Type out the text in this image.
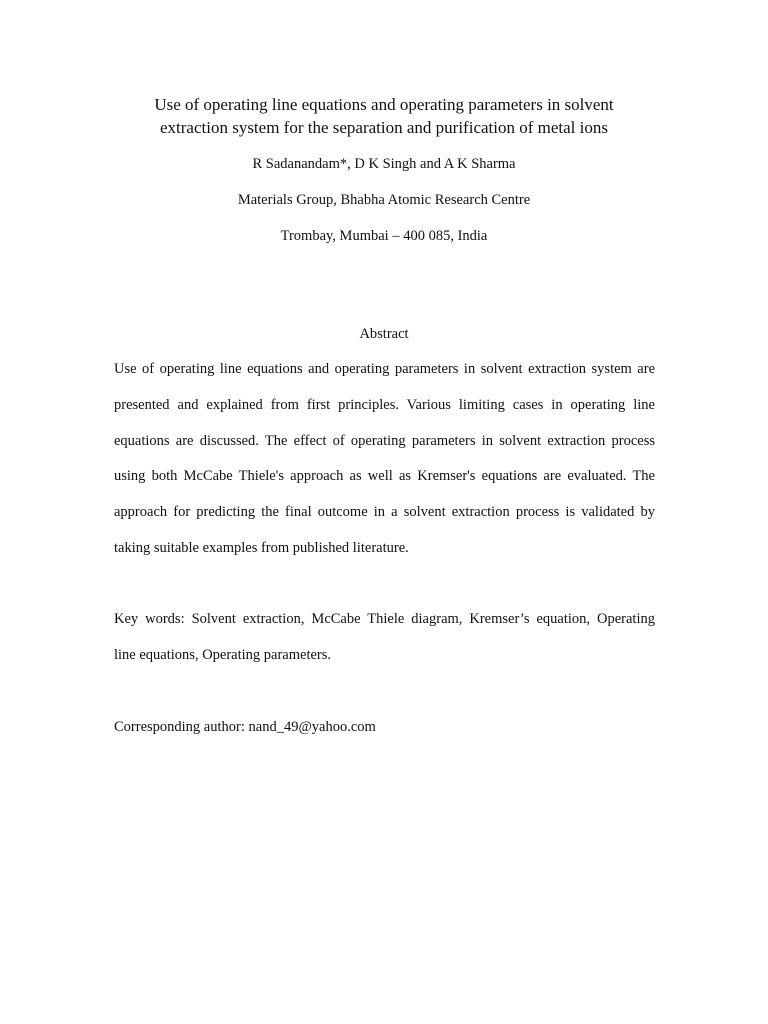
Use of operating line equations and operating parameters in solvent
extraction system for the separation and purification of metal ions
R Sadanandam*, D K Singh and A K Sharma
Materials Group, Bhabha Atomic Research Centre
Trombay, Mumbai – 400 085, India
Abstract
Use of operating line equations and operating parameters in solvent extraction system are
presented and explained from first principles. Various limiting cases in operating line
equations are discussed. The effect of operating parameters in solvent extraction process
using both McCabe Thiele's approach as well as Kremser's equations are evaluated. The
approach for predicting the final outcome in a solvent extraction process is validated by
taking suitable examples from published literature.
Key words: Solvent extraction, McCabe Thiele diagram, Kremser’s equation, Operating
line equations, Operating parameters.
Corresponding author: nand_49@yahoo.com
